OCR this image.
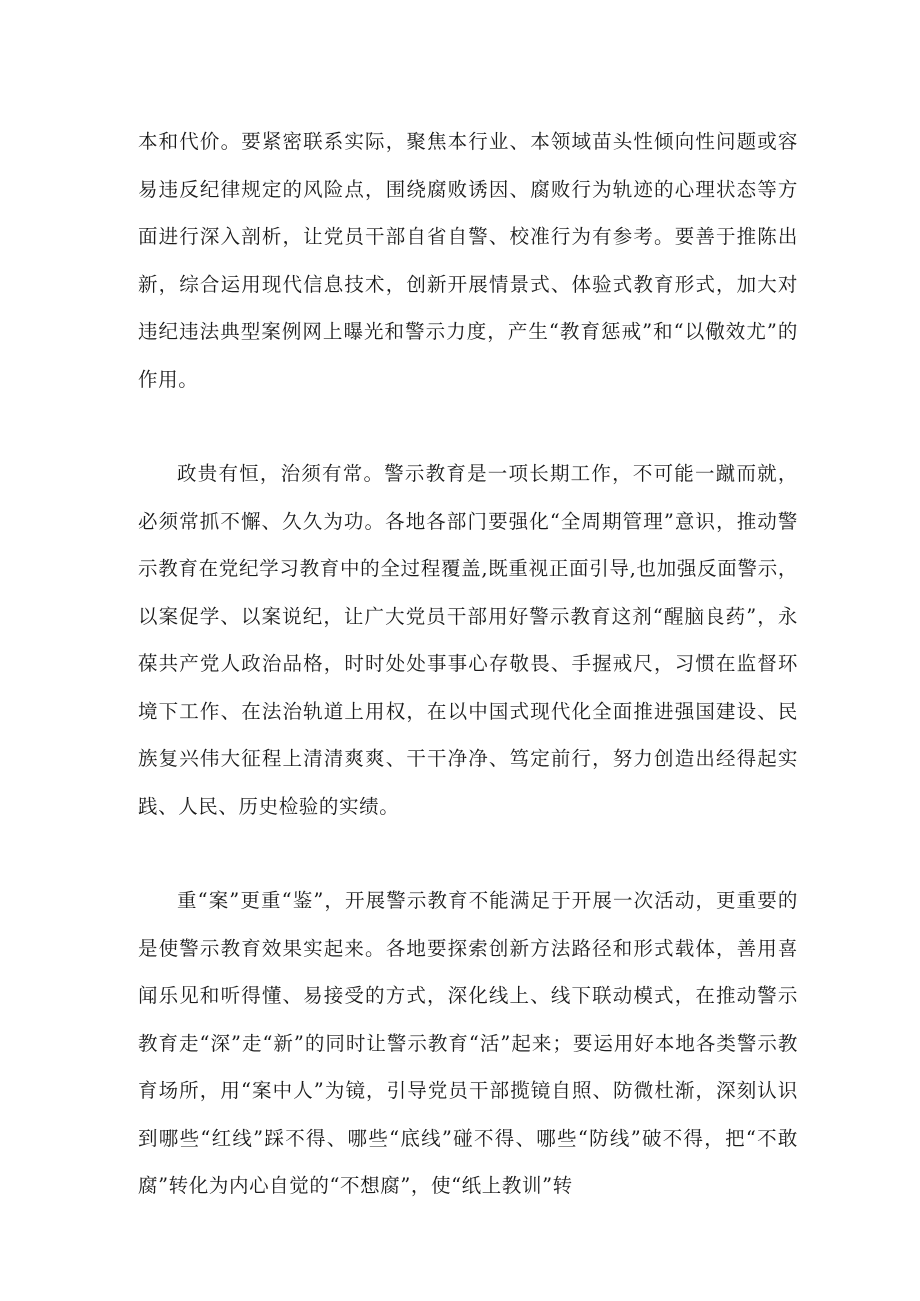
本和代价。要紧密联系实际，聚焦本行业、本领域苗头性倾向性问题或容易违反纪律规定的风险点，围绕腐败诱因、腐败行为轨迹的心理状态等方面进行深入剖析，让党员干部自省自警、校准行为有参考。要善于推陈出新，综合运用现代信息技术，创新开展情景式、体验式教育形式，加大对违纪违法典型案例网上曝光和警示力度，产生“教育惩戒”和“以儆效尤”的作用。

政贵有恒，治须有常。警示教育是一项长期工作，不可能一蹴而就，必须常抓不懈、久久为功。各地各部门要强化“全周期管理”意识，推动警示教育在党纪学习教育中的全过程覆盖,既重视正面引导,也加强反面警示，以案促学、以案说纪，让广大党员干部用好警示教育这剂“醒脑良药”，永葆共产党人政治品格，时时处处事事心存敬畏、手握戒尺，习惯在监督环境下工作、在法治轨道上用权，在以中国式现代化全面推进强国建设、民族复兴伟大征程上清清爽爽、干干净净、笃定前行，努力创造出经得起实践、人民、历史检验的实绩。

重“案”更重“鉴”，开展警示教育不能满足于开展一次活动，更重要的是使警示教育效果实起来。各地要探索创新方法路径和形式载体，善用喜闻乐见和听得懂、易接受的方式，深化线上、线下联动模式，在推动警示教育走“深”走“新”的同时让警示教育“活”起来；要运用好本地各类警示教育场所，用“案中人”为镜，引导党员干部揽镜自照、防微杜渐，深刻认识到哪些“红线”踩不得、哪些“底线”碰不得、哪些“防线”破不得，把“不敢腐”转化为内心自觉的“不想腐”，使“纸上教训”转
